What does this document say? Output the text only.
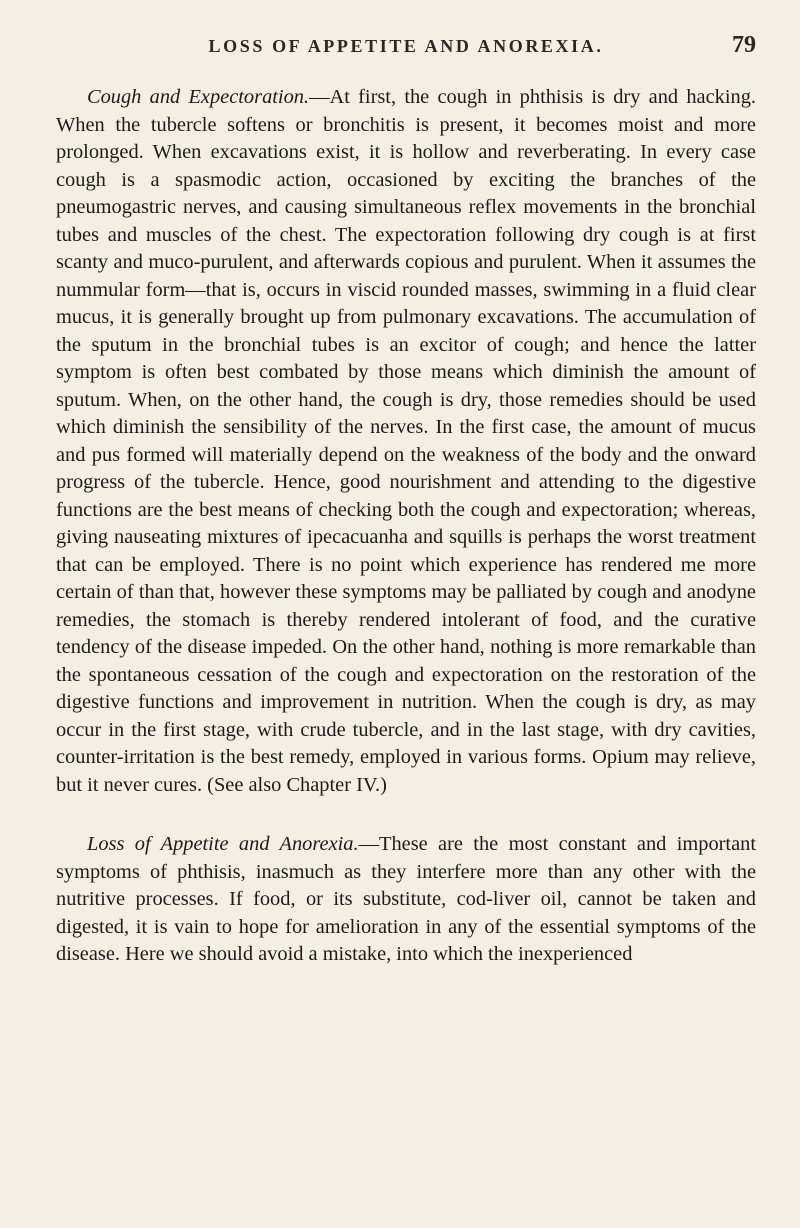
LOSS OF APPETITE AND ANOREXIA.	79

Cough and Expectoration.—At first, the cough in phthisis is dry and hacking. When the tubercle softens or bronchitis is present, it becomes moist and more prolonged. When excavations exist, it is hollow and reverberating. In every case cough is a spasmodic action, occasioned by exciting the branches of the pneumogastric nerves, and causing simultaneous reflex movements in the bronchial tubes and muscles of the chest. The expectoration following dry cough is at first scanty and muco-purulent, and afterwards copious and purulent. When it assumes the nummular form—that is, occurs in viscid rounded masses, swimming in a fluid clear mucus, it is generally brought up from pulmonary excavations. The accumulation of the sputum in the bronchial tubes is an excitor of cough; and hence the latter symptom is often best combated by those means which diminish the amount of sputum. When, on the other hand, the cough is dry, those remedies should be used which diminish the sensibility of the nerves. In the first case, the amount of mucus and pus formed will materially depend on the weakness of the body and the onward progress of the tubercle. Hence, good nourishment and attending to the digestive functions are the best means of checking both the cough and expectoration; whereas, giving nauseating mixtures of ipecacuanha and squills is perhaps the worst treatment that can be employed. There is no point which experience has rendered me more certain of than that, however these symptoms may be palliated by cough and anodyne remedies, the stomach is thereby rendered intolerant of food, and the curative tendency of the disease impeded. On the other hand, nothing is more remarkable than the spontaneous cessation of the cough and expectoration on the restoration of the digestive functions and improvement in nutrition. When the cough is dry, as may occur in the first stage, with crude tubercle, and in the last stage, with dry cavities, counter-irritation is the best remedy, employed in various forms. Opium may relieve, but it never cures. (See also Chapter IV.)

Loss of Appetite and Anorexia.—These are the most constant and important symptoms of phthisis, inasmuch as they interfere more than any other with the nutritive processes. If food, or its substitute, cod-liver oil, cannot be taken and digested, it is vain to hope for amelioration in any of the essential symptoms of the disease. Here we should avoid a mistake, into which the inexperienced
